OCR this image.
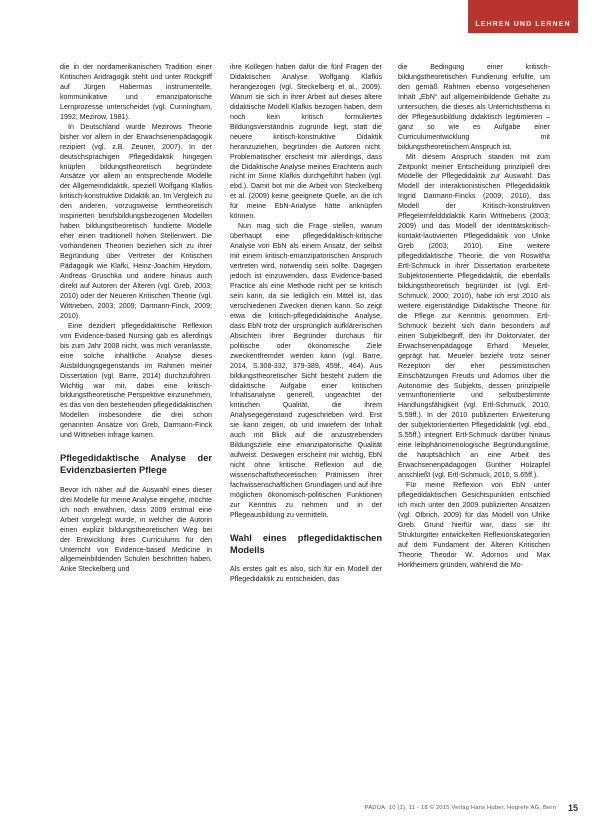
LEHREN UND LERNEN

die in der nordamerikanischen Tradition einer Kritischen Andragogik steht und unter Rückgriff auf Jürgen Habermas instrumentelle, kommunikative und emanzipatorische Lernprozesse unterscheidet (vgl. Cunningham, 1992; Mezirow, 1981).

In Deutschland wurde Mezirows Theorie bisher vor allem in der Erwachsenenpädagogik rezipiert (vgl. z.B. Zeuner, 2007). In der deutschsprachigen Pflegedidaktik hingegen knüpfen bildungstheoretisch begründete Ansätze vor allem an entsprechende Modelle der Allgemeindidaktik, speziell Wolfgang Klafkis kritisch-konstruktive Didaktik an. Im Vergleich zu den anderen, vorzugsweise lerntheoretisch inspirierten berufsbildungsbezogenen Modellen haben bildungstheoretisch fundierte Modelle eher einen traditionell hohen Stellenwert. Die vorhandenen Theorien beziehen sich zu ihrer Begründung über Vertreter der Kritischen Pädagogik wie Klafki, Heinz-Joachim Heydorn, Andreas Gruschka und andere hinaus auch direkt auf Autoren der Älteren (vgl. Greb, 2003; 2010) oder der Neueren Kritischen Theorie (vgl. Wittneben, 2003; 2009; Darmann-Finck, 2009; 2010).

Eine dezidiert pflegedidaktische Reflexion von Evidence-based Nursing gab es allerdings bis zum Jahr 2008 nicht, was mich veranlasste, eine solche inhaltliche Analyse dieses Ausbildungsgegenstands im Rahmen meiner Dissertation (vgl. Barre, 2014) durchzuführen. Wichtig war mir, dabei eine kritisch-bildungstheoretische Perspektive einzunehmen, es das von den bestehenden pflegedidaktischen Modellen insbesondere die drei schon genannten Ansätze von Greb, Darmann-Finck und Wittneben infrage kamen.

Pflegedidaktische Analyse der Evidenzbasierten Pflege

Bevor ich näher auf die Auswahl eines dieser drei Modelle für meine Analyse eingehe, möchte ich noch erwähnen, dass 2009 erstmal eine Arbeit vorgelegt wurde, in welcher die Autorin einen explizit bildungstheoretischen Weg bei der Entwicklung ihres Curriculums für den Unterricht von Evidence-based Medicine in allgemeinbildenden Schulen beschritten haben. Anke Steckelberg und

ihre Kollegen haben dafür die fünf Fragen der Didaktischen Analyse Wolfgang Klafkis herangezogen (vgl. Steckelberg et al., 2009). Warum sie sich in ihrer Arbeit auf dieses ältere didaktische Modell Klafkis bezogen haben, dem noch kein kritisch formuliertes Bildungsverständnis zugrunde liegt, statt die neuere kritisch-konstruktive Didaktik heranzuziehen, begründen die Autoren nicht. Problematischer erscheint mir allerdings, dass die Didaktische Analyse meines Erachtens auch nicht im Sinne Klafkis durchgeführt haben (vgl. ebd.). Damit bot mir die Arbeit von Steckelberg et al. (2009) keine geeignete Quelle, an die ich für meine EbN-Analyse hätte anknüpfen können.

Nun mag sich die Frage stellen, warum überhaupt eine pflegedidaktisch-kritische Analyse von EbN als einem Ansatz, der selbst mit einem kritisch-emanzipatorischen Anspruch vertreten wird, notwendig sein sollte. Dagegen jedoch ist einzuwenden, dass Evidence-based Practice als eine Methode nicht per se kritisch sein kann, da sie lediglich ein Mittel ist, das verschiedenen Zwecken dienen kann. So zeigt etwa die kritisch-pflegedidaktische Analyse, dass EbN trotz der ursprünglich aufklärerischen Absichten ihrer Begründer durchaus für politische oder ökonomische Ziele zweckentfremdet werden kann (vgl. Barre, 2014, S.308-332, 379-389, 459f., 464). Aus bildungstheoretischer Sicht besteht zudem die didaktische Aufgabe einer kritischen Inhaltsanalyse generell, ungeachtet der kritischen Qualität, die ihrem Analysegegenstand zugeschrieben wird. Erst sie kann zeigen, ob und inwiefern der Inhalt auch mit Blick auf die anzustrebenden Bildungsziele eine emanzipatorische Qualität aufweist. Deswegen erscheint mir wichtig, EbN nicht ohne kritische Reflexion auf die wissenschaftstheoretischen Prämissen ihrer fachwissenschaftlichen Grundlagen und auf ihre möglichen ökonomisch-politischen Funktionen zur Kenntnis zu nehmen und in der Pflegeausbildung zu vermitteln.

Wahl eines pflegedidaktischen Modells

Als erstes galt es also, sich für ein Modell der Pflegedidaktik zu entscheiden, das

die Bedingung einer kritisch-bildungstheoretischen Fundierung erfüllte, um den gemäß Rahmen ebenso vorgesehenen Inhalt „EbN“ auf allgemeinbildende Gehalte zu untersuchen, die dieses als Unterrichtsthema in der Pflegeausbildung didaktisch legitimieren – ganz so wie es Aufgabe einer Curriculumentwicklung mit bildungstheoretischem Anspruch ist.

Mit diesem Anspruch standen mit zum Zeitpunkt meiner Entscheidung prinzipiell drei Modelle der Pflegedidaktik zur Auswahl: Das Modell der interaktionistischen Pflegedidaktik Ingrid Darmann-Fincks (2009; 2010), das Modell der Kritisch-konstruktiven Pflegelernfelddidaktik Karin Wittnebens (2003; 2009) und das Modell der identitätskritisch-kontakt-lautivierten Pflegedidaktik von Ulrike Greb (2003; 2010). Eine weitere pflegedidaktische Theorie, die von Roswitha Ertl-Schmuck in ihrer Dissertation erarbeitete Subjektorientierte Pflegedidaktik, die ebenfalls bildungstheoretisch begründet ist (vgl. Ertl-Schmuck, 2000; 2010), habe ich erst 2010 als weitere eigenständige Didaktische Theorie für die Pflege zur Kenntnis genommen. Ertl-Schmuck bezieht sich darin besonders auf einen Subjektbegriff, den ihr Doktorvater, der Erwachsenenpädagoge Erhard Meueler, geprägt hat. Meueler bezieht trotz seiner Rezeption der eher pessimistischen Einschätzungen Freuds und Adornos über die Autonomie des Subjekts, dessen prinzipielle vernunftorientierte und selbstbestimmte Handlungsfähigkeit (vgl. Ertl-Schmuck, 2010, S.59ff.). In der 2010 publizierten Erweiterung der subjektorientierten Pflegedidaktik (vgl. ebd., S.55ff.) integriert Ertl-Schmuck darüber hinaus eine leibphänomenologische Begründungslinie, die hauptsächlich an eine Arbeit des Erwachsenenpädagogen Gunther Holzapfel anschließt (vgl. Ertl-Schmuck, 2010, S.65ff.).

Für meine Reflexion von EbN unter pflegedidaktischen Gesichtspunkten entschied ich mich unter den 2009 publizierten Ansätzen (vgl. Olbrich, 2009) für das Modell von Ulrike Greb. Grund hierfür war, dass sie ihr Strukturgitter entwickelten Reflexionskategorien auf dem Fundament der Älteren Kritischen Theorie Theodor W. Adornos und Max Horkheimers gründen, während die Mo-

PADUA, 10 (1), 11 - 18 © 2015 Verlag Hans Huber, Hogrefe AG, Bern 15
